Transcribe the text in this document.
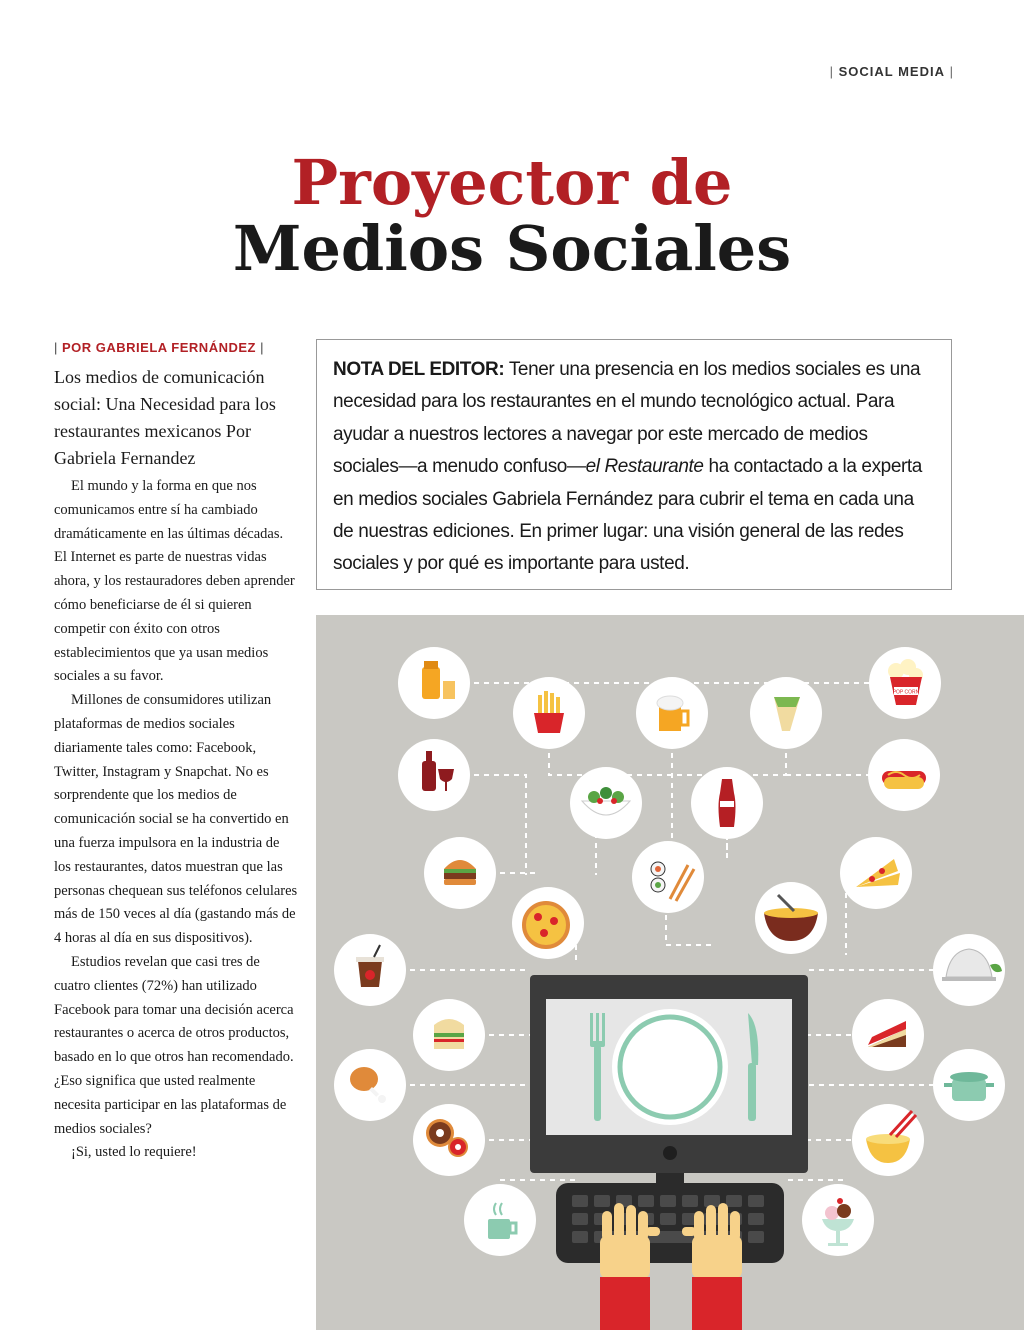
| SOCIAL MEDIA |
Proyector de
Medios Sociales
| POR GABRIELA FERNÁNDEZ |
Los medios de comunicación social: Una Necesidad para los restaurantes mexicanos Por Gabriela Fernandez

El mundo y la forma en que nos comunicamos entre sí ha cambiado dramáticamente en las últimas décadas. El Internet es parte de nuestras vidas ahora, y los restauradores deben aprender cómo beneficiarse de él si quieren competir con éxito con otros establecimientos que ya usan medios sociales a su favor.

Millones de consumidores utilizan plataformas de medios sociales diariamente tales como: Facebook, Twitter, Instagram y Snapchat. No es sorprendente que los medios de comunicación social se ha convertido en una fuerza impulsora en la industria de los restaurantes, datos muestran que las personas chequean sus teléfonos celulares más de 150 veces al día (gastando más de 4 horas al día en sus dispositivos).

Estudios revelan que casi tres de cuatro clientes (72%) han utilizado Facebook para tomar una decisión acerca restaurantes o acerca de otros productos, basado en lo que otros han recomendado. ¿Eso significa que usted realmente necesita participar en las plataformas de medios sociales?

¡Si, usted lo requiere!

NOTA DEL EDITOR: Tener una presencia en los medios sociales es una necesidad para los restaurantes en el mundo tecnológico actual. Para ayudar a nuestros lectores a navegar por este mercado de medios sociales—a menudo confuso—el Restaurante ha contactado a la experta en medios sociales Gabriela Fernández para cubrir el tema en cada una de nuestras ediciones. En primer lugar: una visión general de las redes sociales y por qué es importante para usted.
POP CORN
